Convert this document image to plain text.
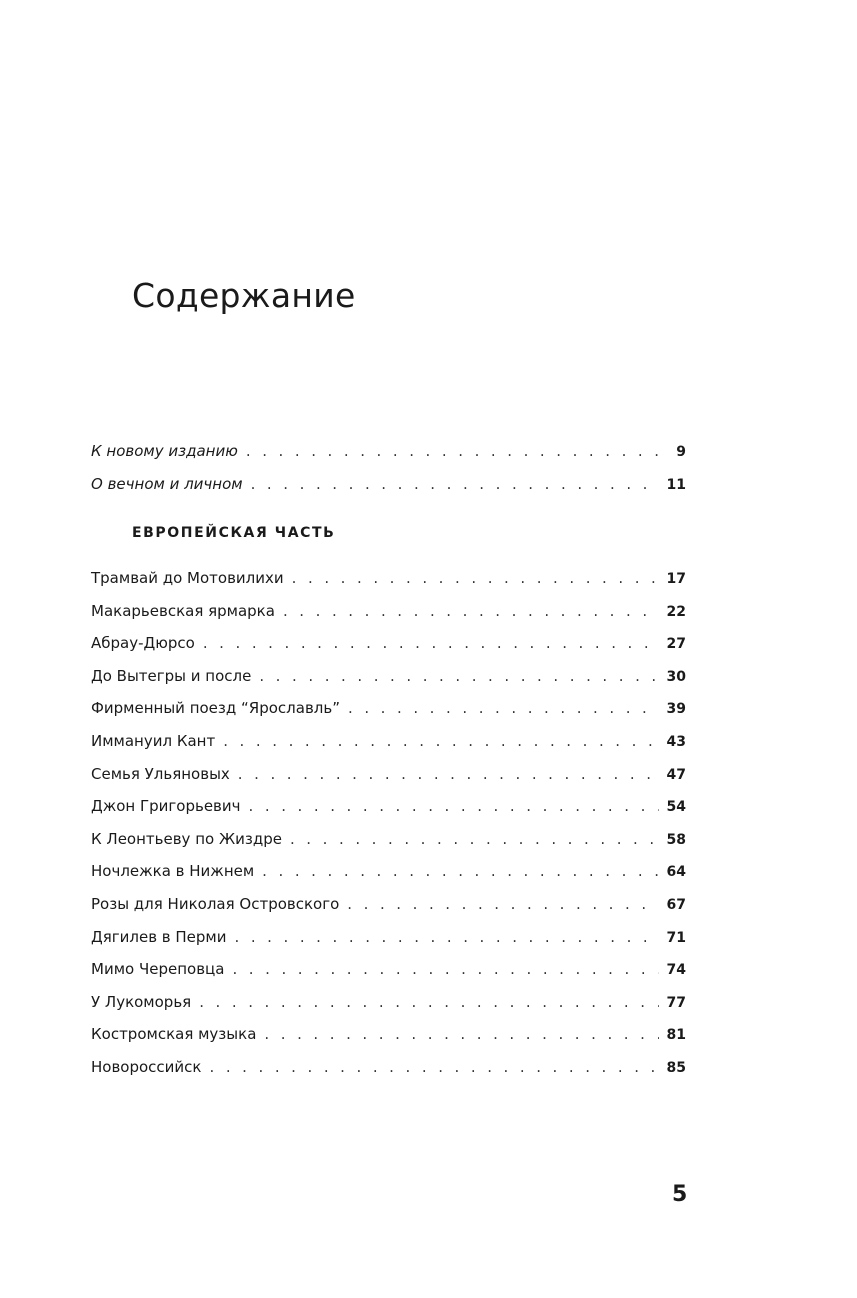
Содержание
К новому изданию . . .	9
О вечном и личном . . .	11
ЕВРОПЕЙСКАЯ ЧАСТЬ
Трамвай до Мотовилихи . . .	17
Макарьевская ярмарка . . .	22
Абрау-Дюрсо . . .	27
До Вытегры и после . . .	30
Фирменный поезд “Ярославль” . . .	39
Иммануил Кант . . .	43
Семья Ульяновых . . .	47
Джон Григорьевич . . .	54
К Леонтьеву по Жиздре . . .	58
Ночлежка в Нижнем . . .	64
Розы для Николая Островского . . .	67
Дягилев в Перми . . .	71
Мимо Череповца . . .	74
У Лукоморья . . .	77
Костромская музыка . . .	81
Новороссийск . . .	85
5
